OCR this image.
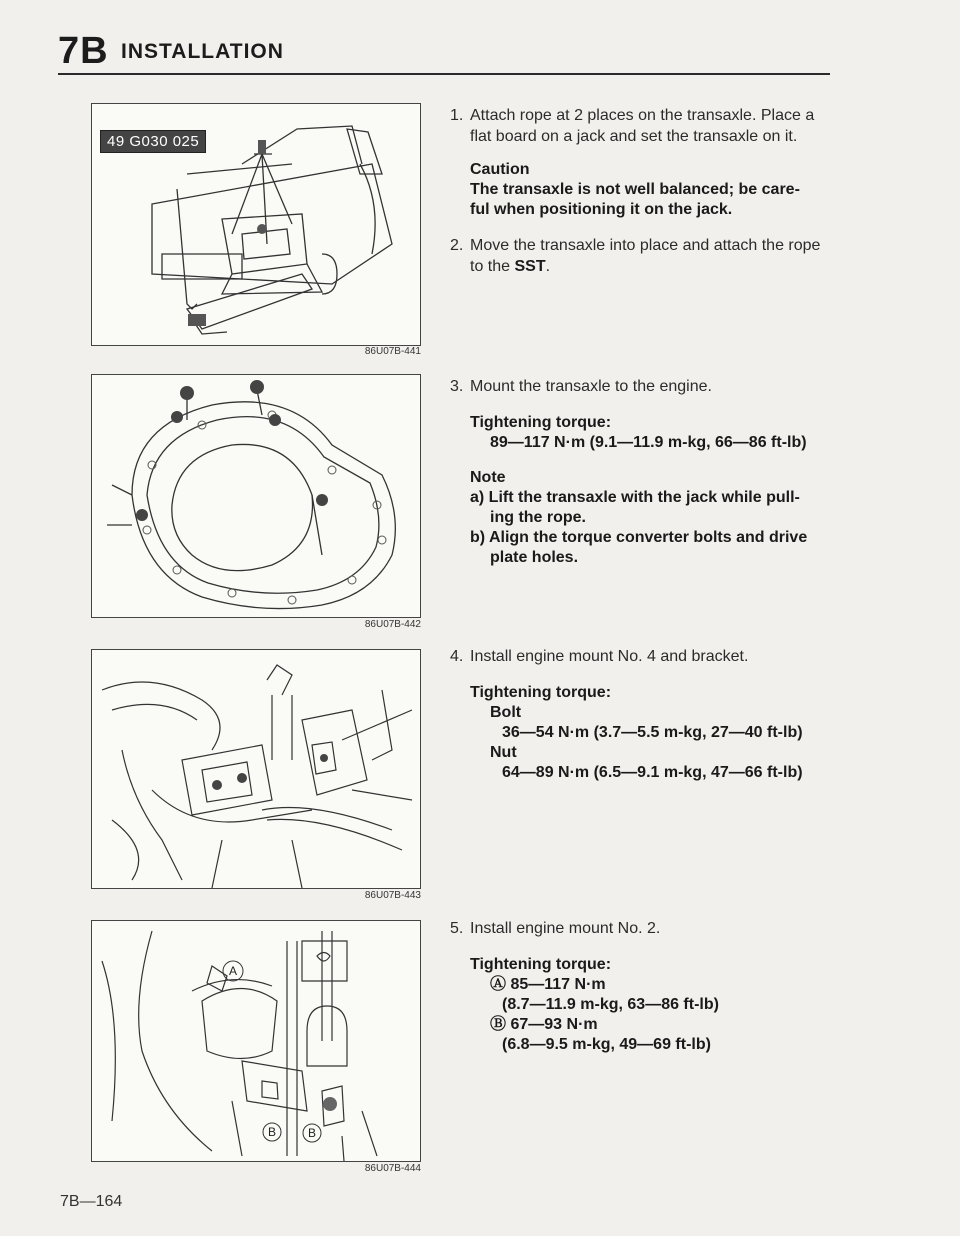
7B INSTALLATION
49 G030 025
86U07B-441
86U07B-442
86U07B-443
A
B	B
86U07B-444
1. Attach rope at 2 places on the transaxle. Place a
flat board on a jack and set the transaxle on it.
Caution
The transaxle is not well balanced; be care-
ful when positioning it on the jack.
2. Move the transaxle into place and attach the rope
to the SST.
3. Mount the transaxle to the engine.
Tightening torque:
89—117 N·m (9.1—11.9 m-kg, 66—86 ft-lb)
Note
a) Lift the transaxle with the jack while pull-
ing the rope.
b) Align the torque converter bolts and drive
plate holes.
4. Install engine mount No. 4 and bracket.
Tightening torque:
Bolt
36—54 N·m (3.7—5.5 m-kg, 27—40 ft-lb)
Nut
64—89 N·m (6.5—9.1 m-kg, 47—66 ft-lb)
5. Install engine mount No. 2.
Tightening torque:
Ⓐ 85—117 N·m
(8.7—11.9 m-kg, 63—86 ft-lb)
Ⓑ 67—93 N·m
(6.8—9.5 m-kg, 49—69 ft-lb)
7B—164
